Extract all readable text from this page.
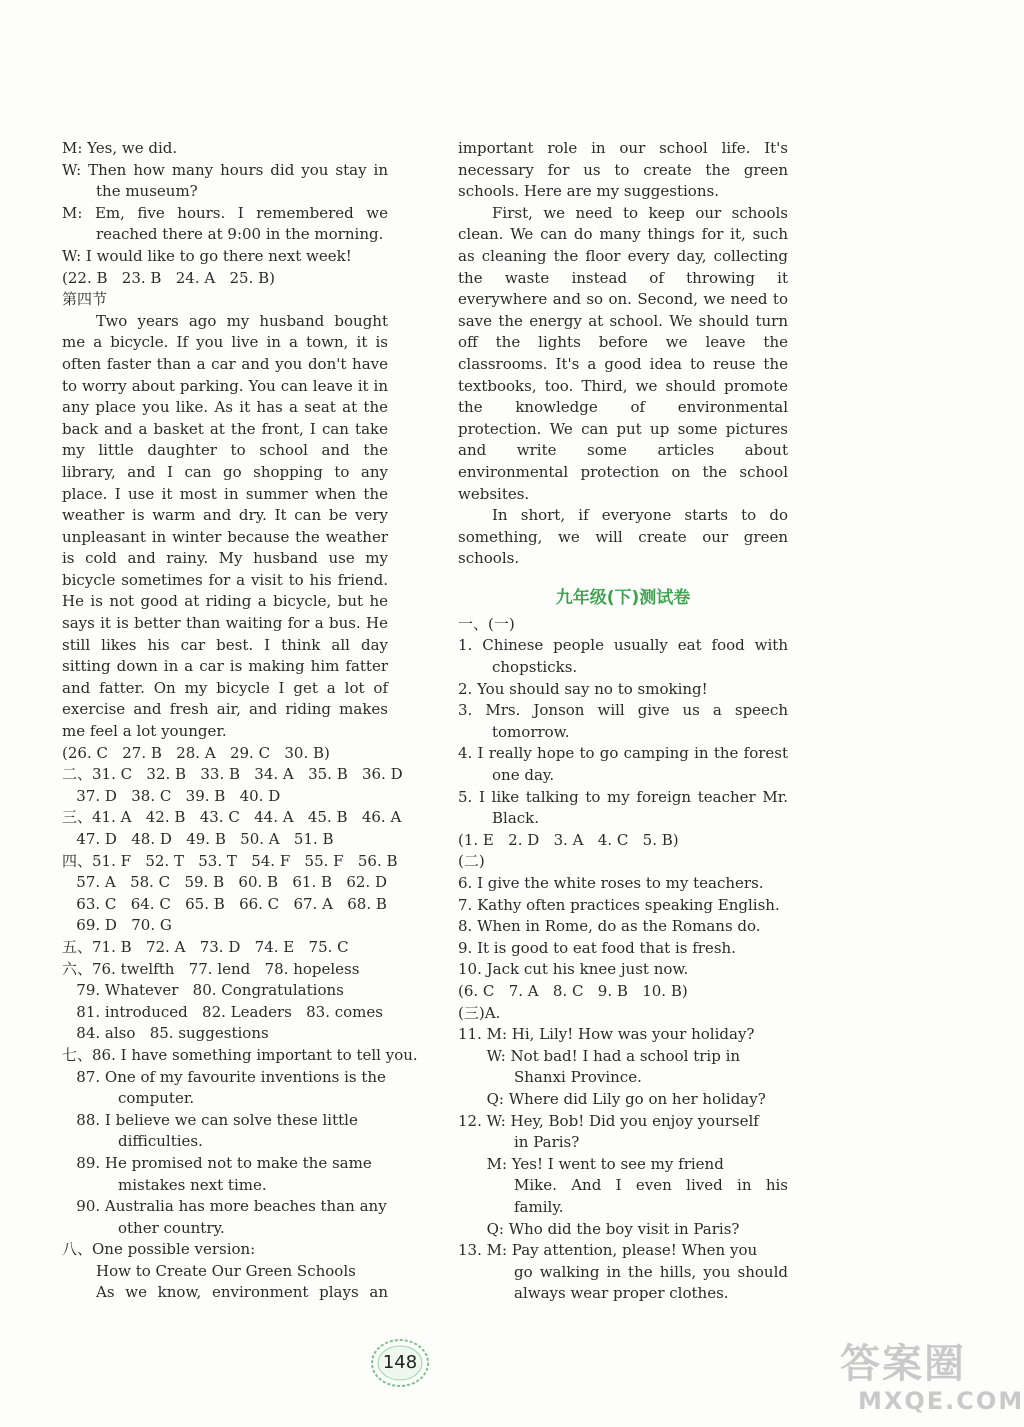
M: Yes, we did.
W: Then how many hours did you stay in
the museum?
M: Em, five hours. I remembered we
reached there at 9:00 in the morning.
W: I would like to go there next week!
(22. B   23. B   24. A   25. B)
第四节
Two years ago my husband bought
me a bicycle. If you live in a town, it is
often faster than a car and you don't have
to worry about parking. You can leave it in
any place you like. As it has a seat at the
back and a basket at the front, I can take
my little daughter to school and the
library, and I can go shopping to any
place. I use it most in summer when the
weather is warm and dry. It can be very
unpleasant in winter because the weather
is cold and rainy. My husband use my
bicycle sometimes for a visit to his friend.
He is not good at riding a bicycle, but he
says it is better than waiting for a bus. He
still likes his car best. I think all day
sitting down in a car is making him fatter
and fatter. On my bicycle I get a lot of
exercise and fresh air, and riding makes
me feel a lot younger.
(26. C   27. B   28. A   29. C   30. B)
二、31. C   32. B   33. B   34. A   35. B   36. D
37. D   38. C   39. B   40. D
三、41. A   42. B   43. C   44. A   45. B   46. A
47. D   48. D   49. B   50. A   51. B
四、51. F   52. T   53. T   54. F   55. F   56. B
57. A   58. C   59. B   60. B   61. B   62. D
63. C   64. C   65. B   66. C   67. A   68. B
69. D   70. G
五、71. B   72. A   73. D   74. E   75. C
六、76. twelfth   77. lend   78. hopeless
79. Whatever   80. Congratulations
81. introduced   82. Leaders   83. comes
84. also   85. suggestions
七、86. I have something important to tell you.
87. One of my favourite inventions is the
computer.
88. I believe we can solve these little
difficulties.
89. He promised not to make the same
mistakes next time.
90. Australia has more beaches than any
other country.
八、One possible version:
How to Create Our Green Schools
As we know, environment plays an
important role in our school life. It's
necessary for us to create the green
schools. Here are my suggestions.
First, we need to keep our schools
clean. We can do many things for it, such
as cleaning the floor every day, collecting
the waste instead of throwing it
everywhere and so on. Second, we need to
save the energy at school. We should turn
off the lights before we leave the
classrooms. It's a good idea to reuse the
textbooks, too. Third, we should promote
the knowledge of environmental
protection. We can put up some pictures
and write some articles about
environmental protection on the school
websites.
In short, if everyone starts to do
something, we will create our green
schools.
九年级(下)测试卷
一、(一)
1. Chinese people usually eat food with
chopsticks.
2. You should say no to smoking!
3. Mrs. Jonson will give us a speech
tomorrow.
4. I really hope to go camping in the forest
one day.
5. I like talking to my foreign teacher Mr.
Black.
(1. E   2. D   3. A   4. C   5. B)
(二)
6. I give the white roses to my teachers.
7. Kathy often practices speaking English.
8. When in Rome, do as the Romans do.
9. It is good to eat food that is fresh.
10. Jack cut his knee just now.
(6. C   7. A   8. C   9. B   10. B)
(三)A.
11. M: Hi, Lily! How was your holiday?
W: Not bad! I had a school trip in
Shanxi Province.
Q: Where did Lily go on her holiday?
12. W: Hey, Bob! Did you enjoy yourself
in Paris?
M: Yes! I went to see my friend
Mike. And I even lived in his
family.
Q: Who did the boy visit in Paris?
13. M: Pay attention, please! When you
go walking in the hills, you should
always wear proper clothes.
148	答案圈
MXQE.COM
